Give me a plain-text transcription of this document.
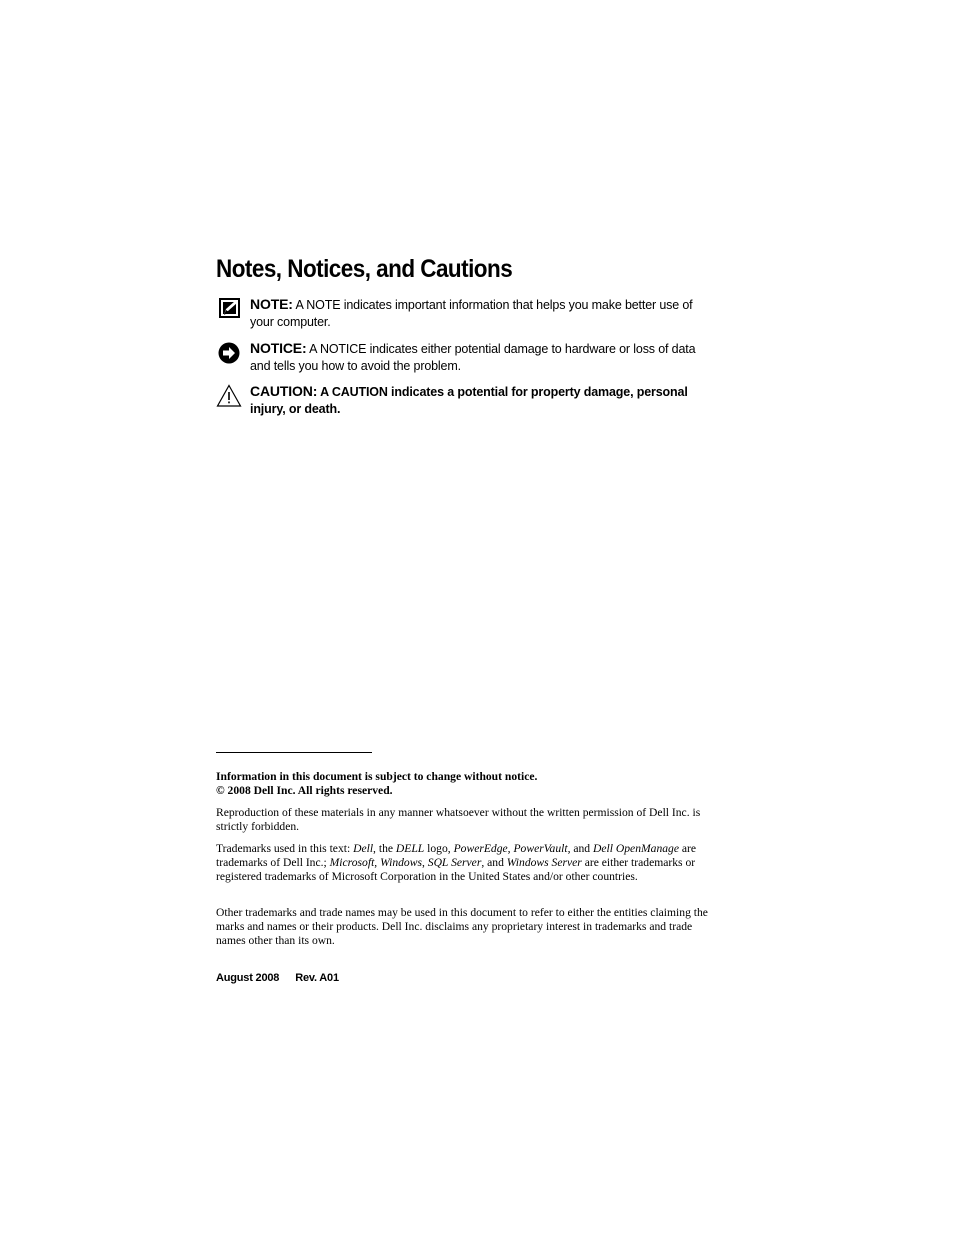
Notes, Notices, and Cautions
NOTE: A NOTE indicates important information that helps you make better use of your computer.
NOTICE: A NOTICE indicates either potential damage to hardware or loss of data and tells you how to avoid the problem.
CAUTION: A CAUTION indicates a potential for property damage, personal injury, or death.
Information in this document is subject to change without notice.
© 2008 Dell Inc. All rights reserved.

Reproduction of these materials in any manner whatsoever without the written permission of Dell Inc. is strictly forbidden.

Trademarks used in this text: Dell, the DELL logo, PowerEdge, PowerVault, and Dell OpenManage are trademarks of Dell Inc.; Microsoft, Windows, SQL Server, and Windows Server are either trademarks or registered trademarks of Microsoft Corporation in the United States and/or other countries.

Other trademarks and trade names may be used in this document to refer to either the entities claiming the marks and names or their products. Dell Inc. disclaims any proprietary interest in trademarks and trade names other than its own.

August 2008 Rev. A01
